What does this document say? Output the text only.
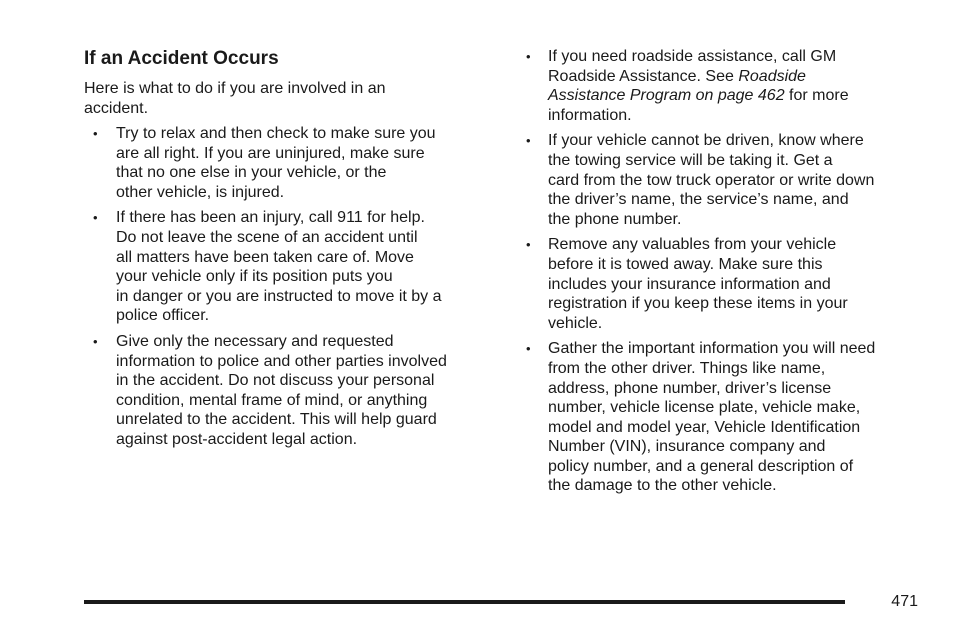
If an Accident Occurs

Here is what to do if you are involved in an
accident.

• Try to relax and then check to make sure you
are all right. If you are uninjured, make sure
that no one else in your vehicle, or the
other vehicle, is injured.
• If there has been an injury, call 911 for help.
Do not leave the scene of an accident until
all matters have been taken care of. Move
your vehicle only if its position puts you
in danger or you are instructed to move it by a
police officer.
• Give only the necessary and requested
information to police and other parties involved
in the accident. Do not discuss your personal
condition, mental frame of mind, or anything
unrelated to the accident. This will help guard
against post-accident legal action.
• If you need roadside assistance, call GM
Roadside Assistance. See Roadside
Assistance Program on page 462 for more
information.
• If your vehicle cannot be driven, know where
the towing service will be taking it. Get a
card from the tow truck operator or write down
the driver’s name, the service’s name, and
the phone number.
• Remove any valuables from your vehicle
before it is towed away. Make sure this
includes your insurance information and
registration if you keep these items in your
vehicle.
• Gather the important information you will need
from the other driver. Things like name,
address, phone number, driver’s license
number, vehicle license plate, vehicle make,
model and model year, Vehicle Identification
Number (VIN), insurance company and
policy number, and a general description of
the damage to the other vehicle.
471
